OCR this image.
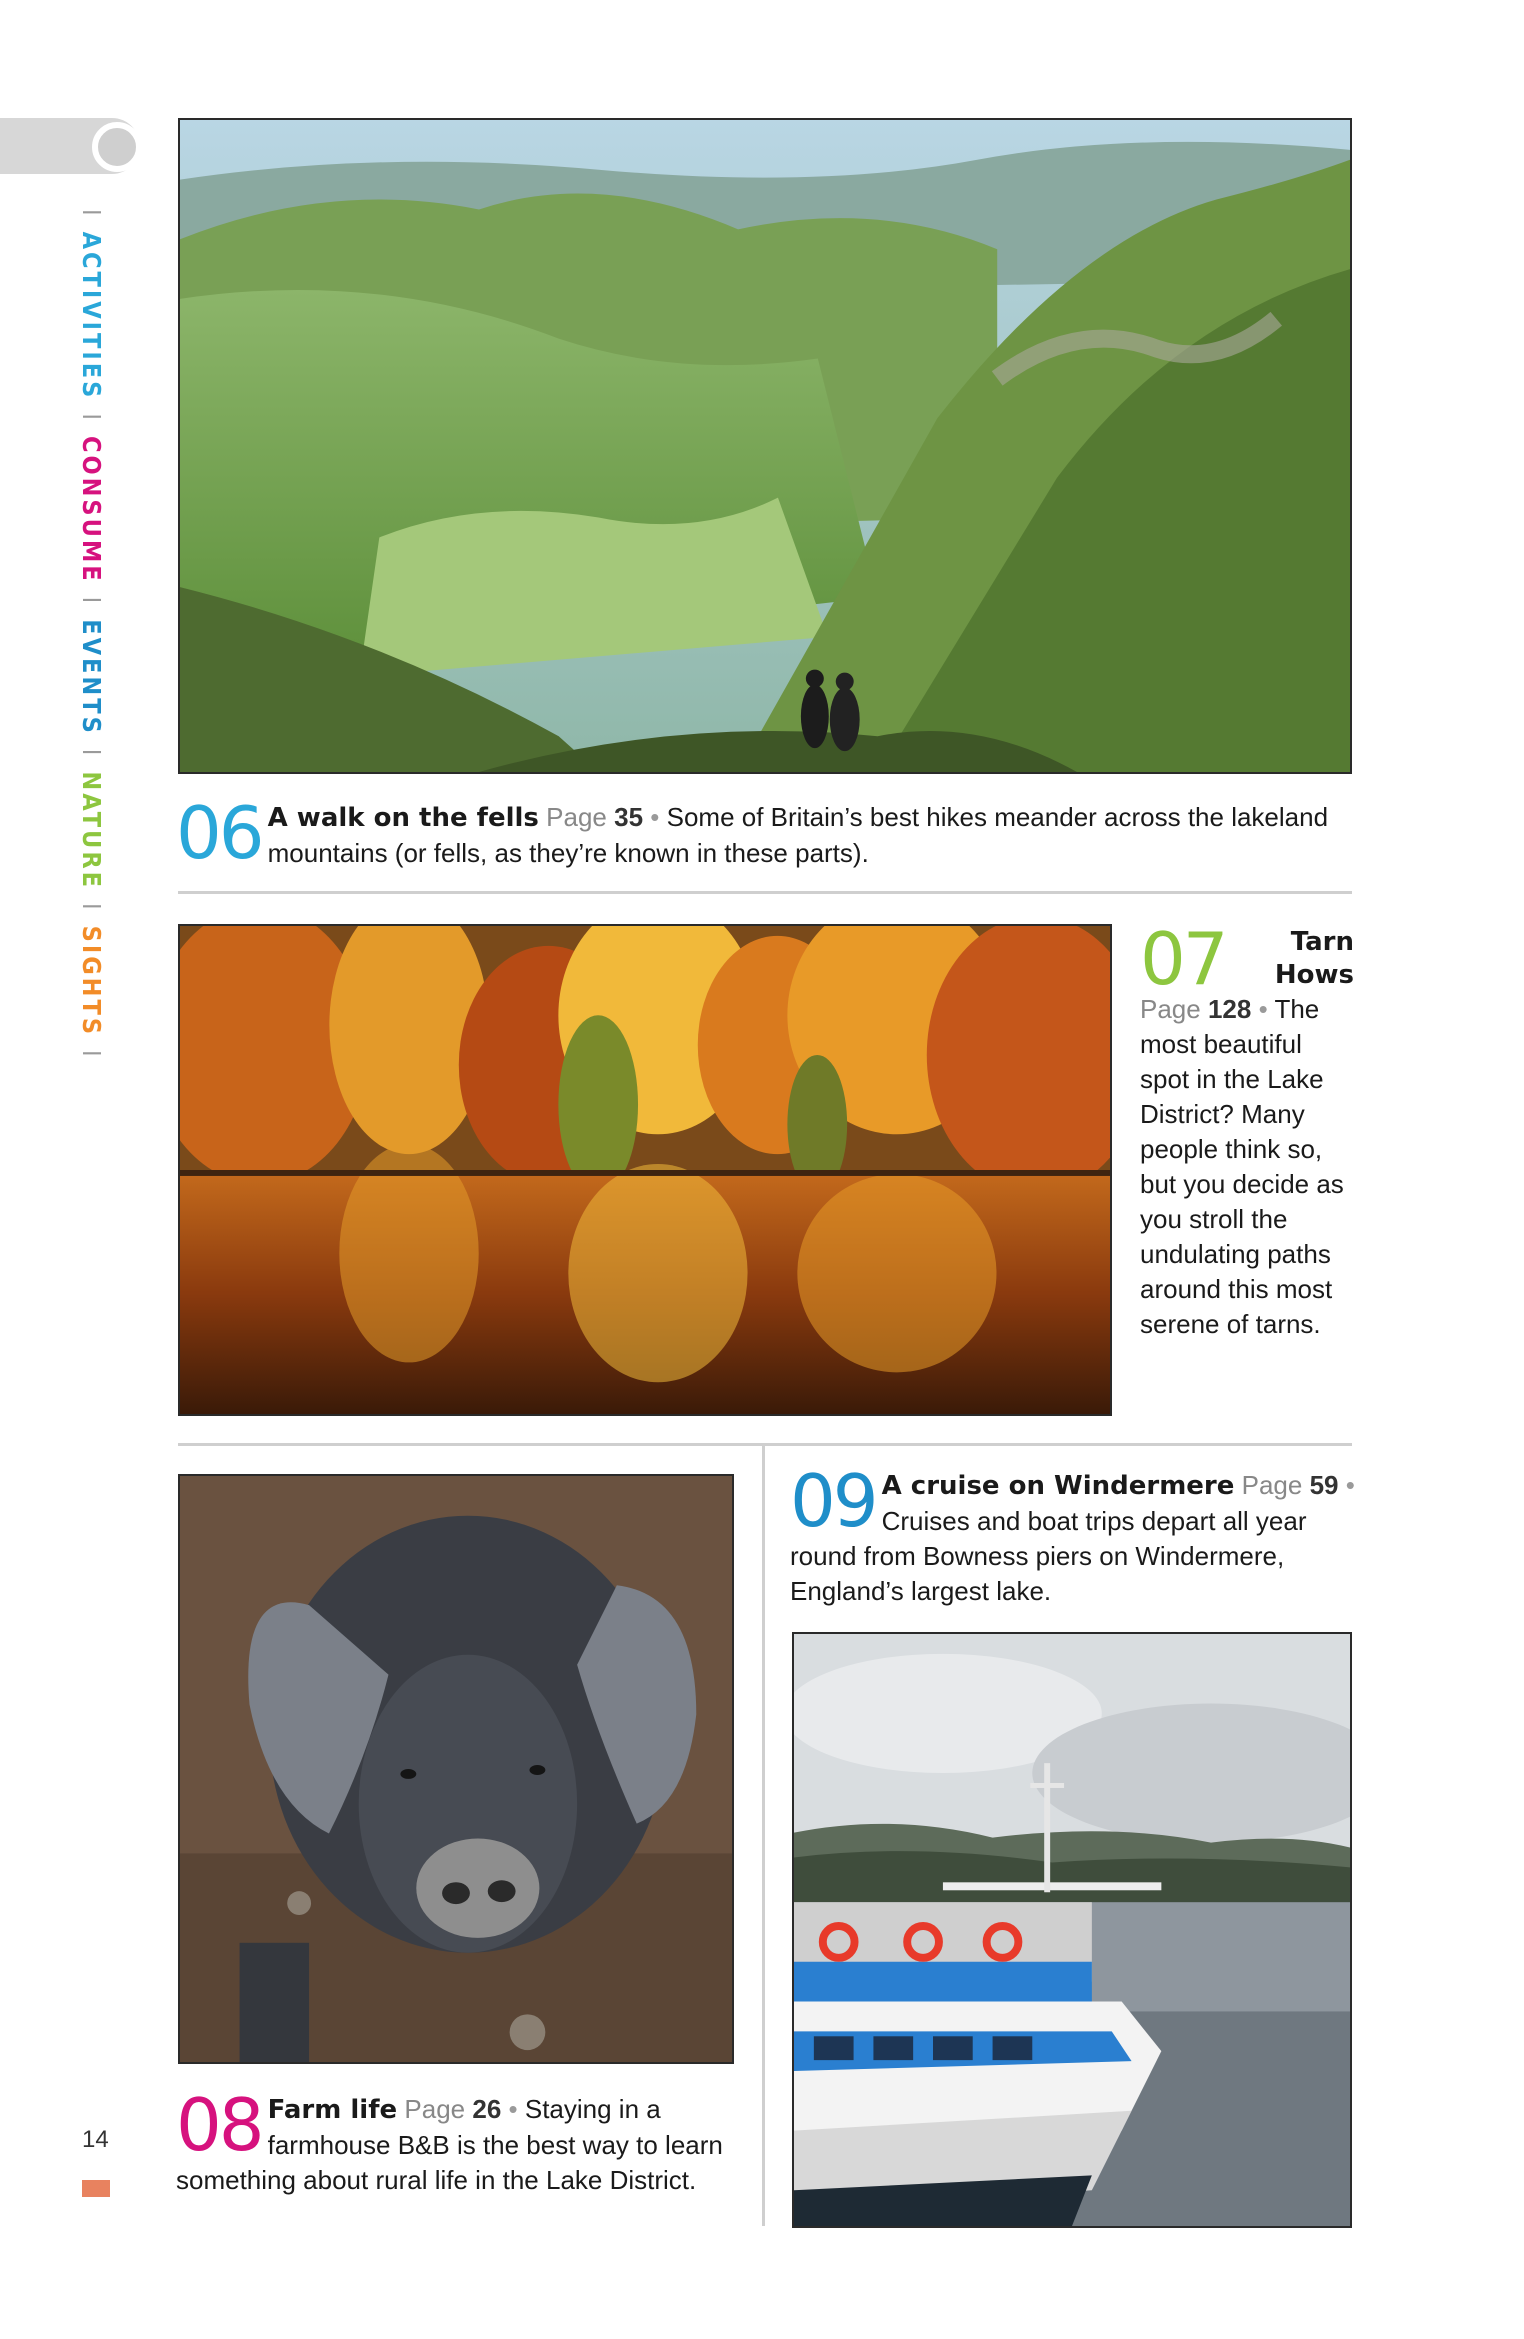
IACTIVITIESICONSUMEIEVENTSINATUREISIGHTSI
06 A walk on the fells Page 35 • Some of Britain’s best hikes meander across the lakeland mountains (or fells, as they’re known in these parts).
07	Tarn
Hows
Page 128 • The most beautiful spot in the Lake District? Many people think so, but you decide as you stroll the undulating paths around this most serene of tarns.
08 Farm life Page 26 • Staying in a farmhouse B&B is the best way to learn something about rural life in the Lake District.
09 A cruise on Windermere Page 59 • Cruises and boat trips depart all year round from Bowness piers on Windermere, England’s largest lake.
14
